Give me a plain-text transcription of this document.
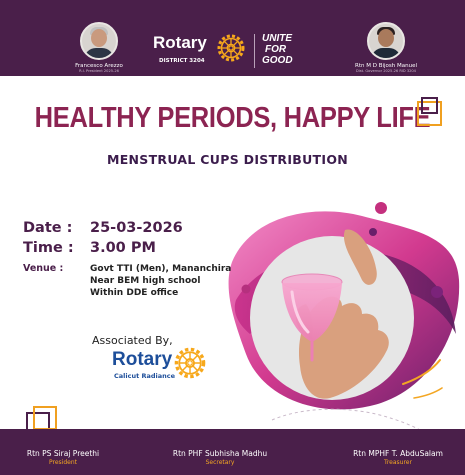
Francesco Arezzo
R.I. President 2025-26
Rotary
DISTRICT 3204
UNITE
FOR
GOOD	Rtn M D Bijosh Manuel
Dist. Governor 2025-26 RID 3204
HEALTHY PERIODS, HAPPY LIFE
MENSTRUAL CUPS DISTRIBUTION
Date : 25-03-2026
Time : 3.00 PM
Venue :	Govt TTI (Men), Mananchira
Near BEM high school
Within DDE office
Associated By,
Rotary
Calicut Radiance
Rtn PS Siraj Preethi
President
Rtn PHF Subhisha Madhu
Secretary
Rtn MPHF T. AbduSalam
Treasurer
